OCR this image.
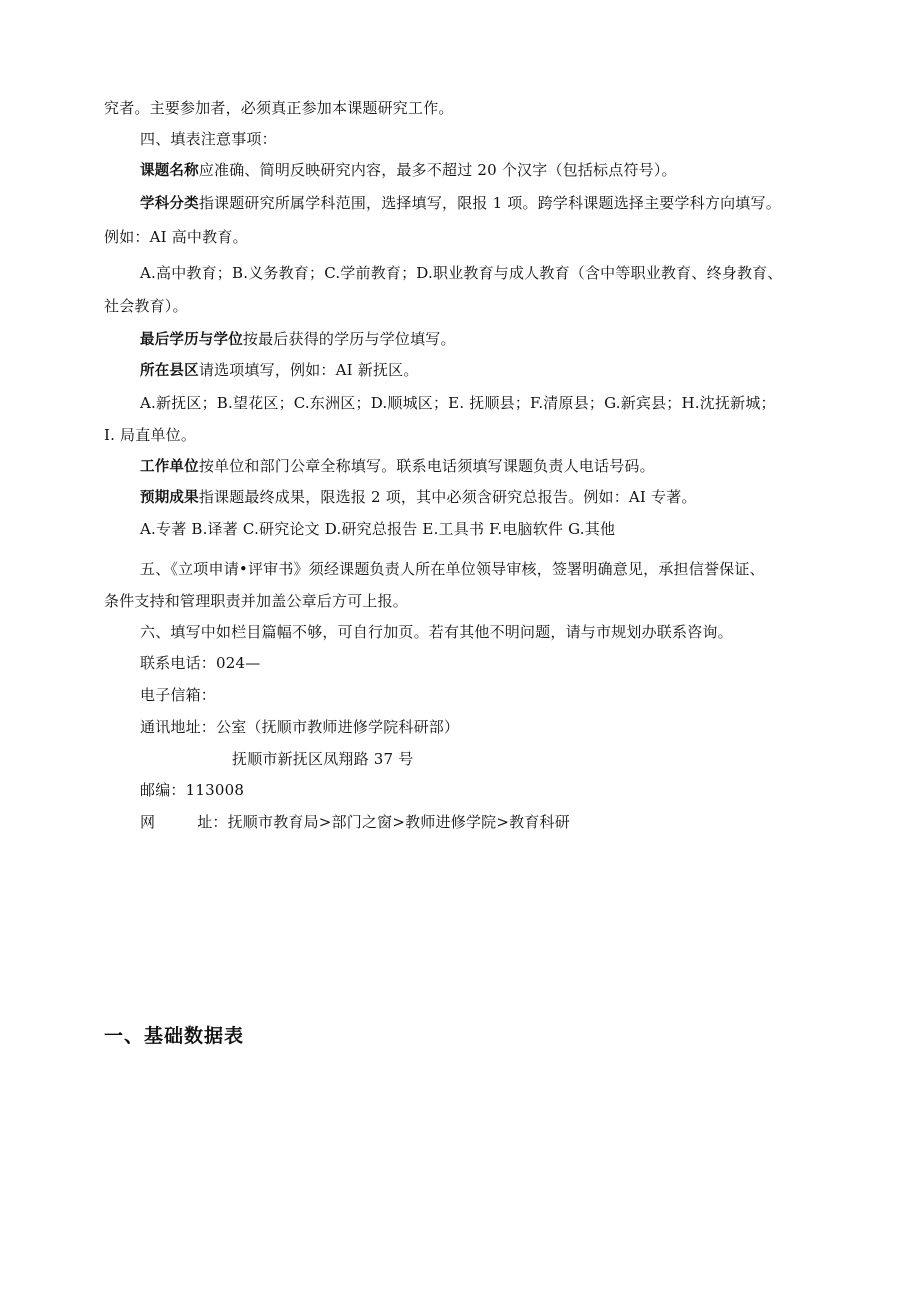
究者。主要参加者，必须真正参加本课题研究工作。
四、填表注意事项：
课题名称应准确、简明反映研究内容，最多不超过 20 个汉字（包括标点符号）。
学科分类指课题研究所属学科范围，选择填写，限报 1 项。跨学科课题选择主要学科方向填写。
例如：AI 高中教育。
A.高中教育；B.义务教育；C.学前教育；D.职业教育与成人教育（含中等职业教育、终身教育、
社会教育）。
最后学历与学位按最后获得的学历与学位填写。
所在县区请选项填写，例如：AI 新抚区。
A.新抚区；B.望花区；C.东洲区；D.顺城区；E. 抚顺县；F.清原县；G.新宾县；H.沈抚新城；
I. 局直单位。
工作单位按单位和部门公章全称填写。联系电话须填写课题负责人电话号码。
预期成果指课题最终成果，限选报 2 项，其中必须含研究总报告。例如：AI 专著。
A.专著 B.译著 C.研究论文 D.研究总报告 E.工具书 F.电脑软件 G.其他
五、《立项申请•评审书》须经课题负责人所在单位领导审核，签署明确意见，承担信誉保证、
条件支持和管理职责并加盖公章后方可上报。
六、填写中如栏目篇幅不够，可自行加页。若有其他不明问题，请与市规划办联系咨询。
联系电话：024—
电子信箱：
通讯地址：公室（抚顺市教师进修学院科研部）
抚顺市新抚区凤翔路 37 号
邮编：113008
网	址：抚顺市教育局>部门之窗>教师进修学院>教育科研
一、基础数据表
